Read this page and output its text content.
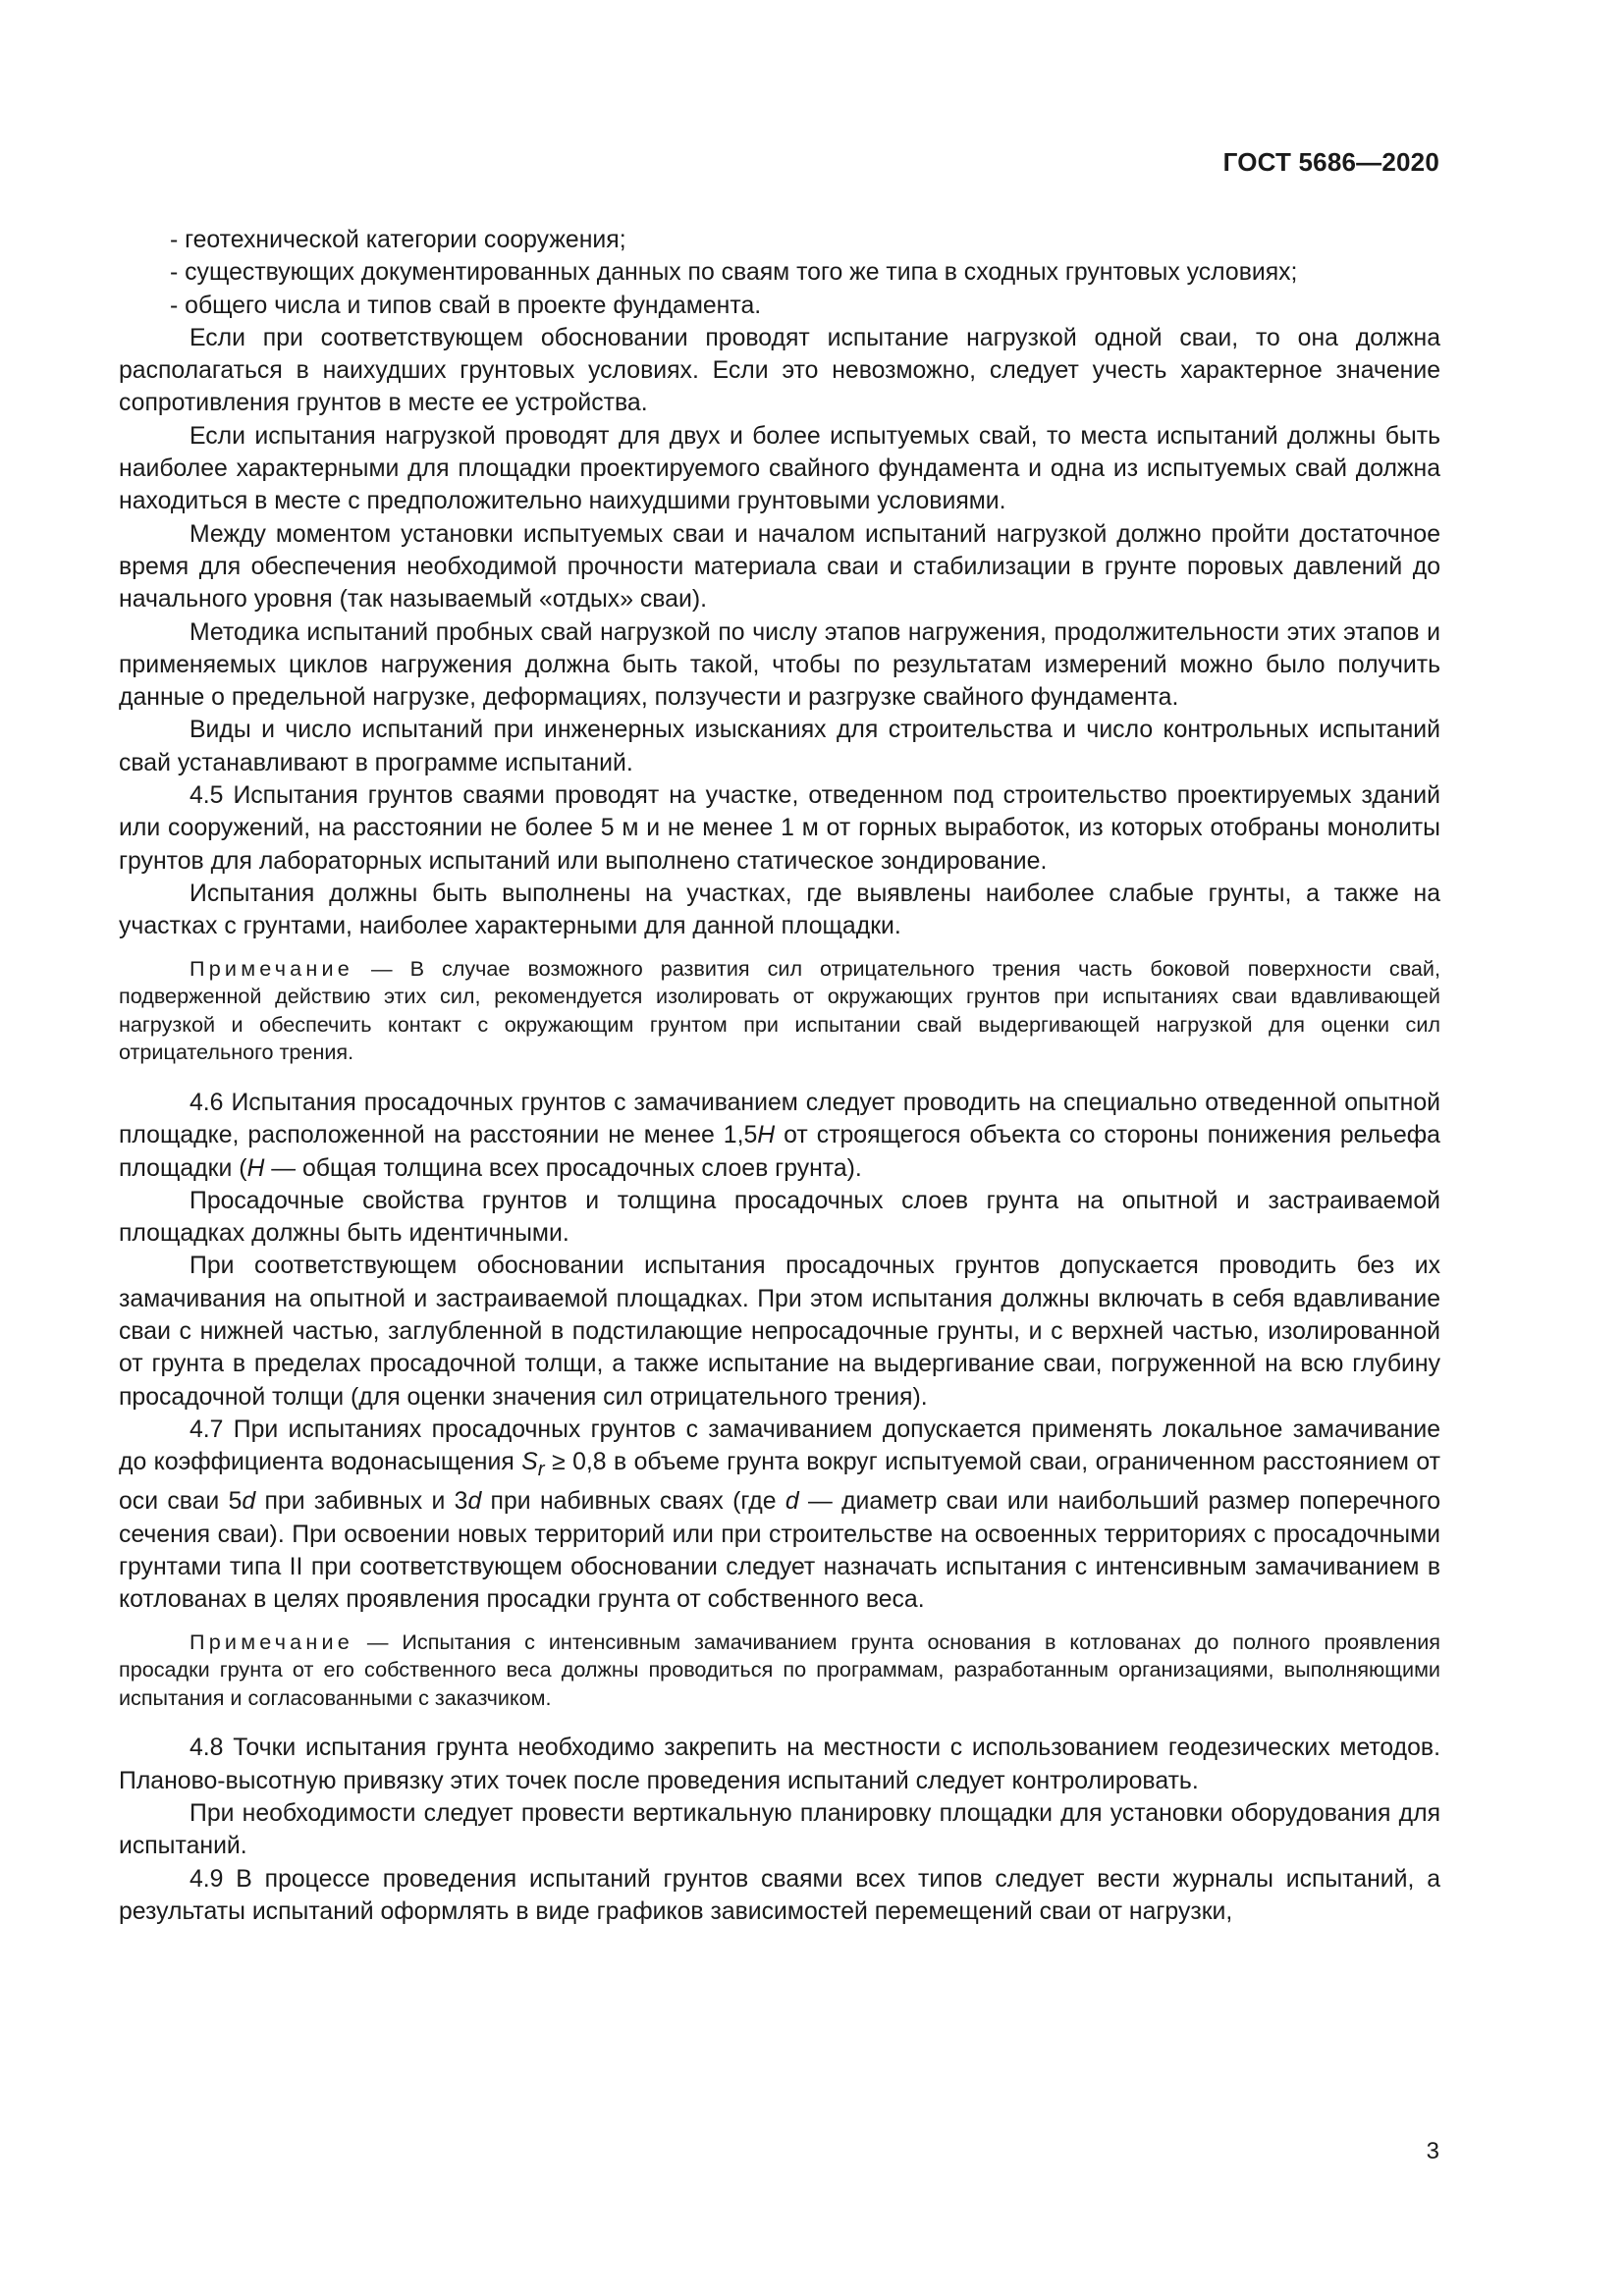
ГОСТ 5686—2020

- геотехнической категории сооружения;

- существующих документированных данных по сваям того же типа в сходных грунтовых условиях;

- общего числа и типов свай в проекте фундамента.

Если при соответствующем обосновании проводят испытание нагрузкой одной сваи, то она должна располагаться в наихудших грунтовых условиях. Если это невозможно, следует учесть характерное значение сопротивления грунтов в месте ее устройства.

Если испытания нагрузкой проводят для двух и более испытуемых свай, то места испытаний должны быть наиболее характерными для площадки проектируемого свайного фундамента и одна из испытуемых свай должна находиться в месте с предположительно наихудшими грунтовыми условиями.

Между моментом установки испытуемых сваи и началом испытаний нагрузкой должно пройти достаточное время для обеспечения необходимой прочности материала сваи и стабилизации в грунте поровых давлений до начального уровня (так называемый «отдых» сваи).

Методика испытаний пробных свай нагрузкой по числу этапов нагружения, продолжительности этих этапов и применяемых циклов нагружения должна быть такой, чтобы по результатам измерений можно было получить данные о предельной нагрузке, деформациях, ползучести и разгрузке свайного фундамента.

Виды и число испытаний при инженерных изысканиях для строительства и число контрольных испытаний свай устанавливают в программе испытаний.

4.5 Испытания грунтов сваями проводят на участке, отведенном под строительство проектируемых зданий или сооружений, на расстоянии не более 5 м и не менее 1 м от горных выработок, из которых отобраны монолиты грунтов для лабораторных испытаний или выполнено статическое зондирование.

Испытания должны быть выполнены на участках, где выявлены наиболее слабые грунты, а также на участках с грунтами, наиболее характерными для данной площадки.

Примечание — В случае возможного развития сил отрицательного трения часть боковой поверхности свай, подверженной действию этих сил, рекомендуется изолировать от окружающих грунтов при испытаниях сваи вдавливающей нагрузкой и обеспечить контакт с окружающим грунтом при испытании свай выдергивающей нагрузкой для оценки сил отрицательного трения.

4.6 Испытания просадочных грунтов с замачиванием следует проводить на специально отведенной опытной площадке, расположенной на расстоянии не менее 1,5H от строящегося объекта со стороны понижения рельефа площадки (H — общая толщина всех просадочных слоев грунта).

Просадочные свойства грунтов и толщина просадочных слоев грунта на опытной и застраиваемой площадках должны быть идентичными.

При соответствующем обосновании испытания просадочных грунтов допускается проводить без их замачивания на опытной и застраиваемой площадках. При этом испытания должны включать в себя вдавливание сваи с нижней частью, заглубленной в подстилающие непросадочные грунты, и с верхней частью, изолированной от грунта в пределах просадочной толщи, а также испытание на выдергивание сваи, погруженной на всю глубину просадочной толщи (для оценки значения сил отрицательного трения).

4.7 При испытаниях просадочных грунтов с замачиванием допускается применять локальное замачивание до коэффициента водонасыщения $S_r \ge 0,8$ в объеме грунта вокруг испытуемой сваи, ограниченном расстоянием от оси сваи 5d при забивных и 3d при набивных сваях (где d — диаметр сваи или наибольший размер поперечного сечения сваи). При освоении новых территорий или при строительстве на освоенных территориях с просадочными грунтами типа II при соответствующем обосновании следует назначать испытания с интенсивным замачиванием в котлованах в целях проявления просадки грунта от собственного веса.

Примечание — Испытания с интенсивным замачиванием грунта основания в котлованах до полного проявления просадки грунта от его собственного веса должны проводиться по программам, разработанным организациями, выполняющими испытания и согласованными с заказчиком.

4.8 Точки испытания грунта необходимо закрепить на местности с использованием геодезических методов. Планово-высотную привязку этих точек после проведения испытаний следует контролировать.

При необходимости следует провести вертикальную планировку площадки для установки оборудования для испытаний.

4.9 В процессе проведения испытаний грунтов сваями всех типов следует вести журналы испытаний, а результаты испытаний оформлять в виде графиков зависимостей перемещений сваи от нагрузки,

3
